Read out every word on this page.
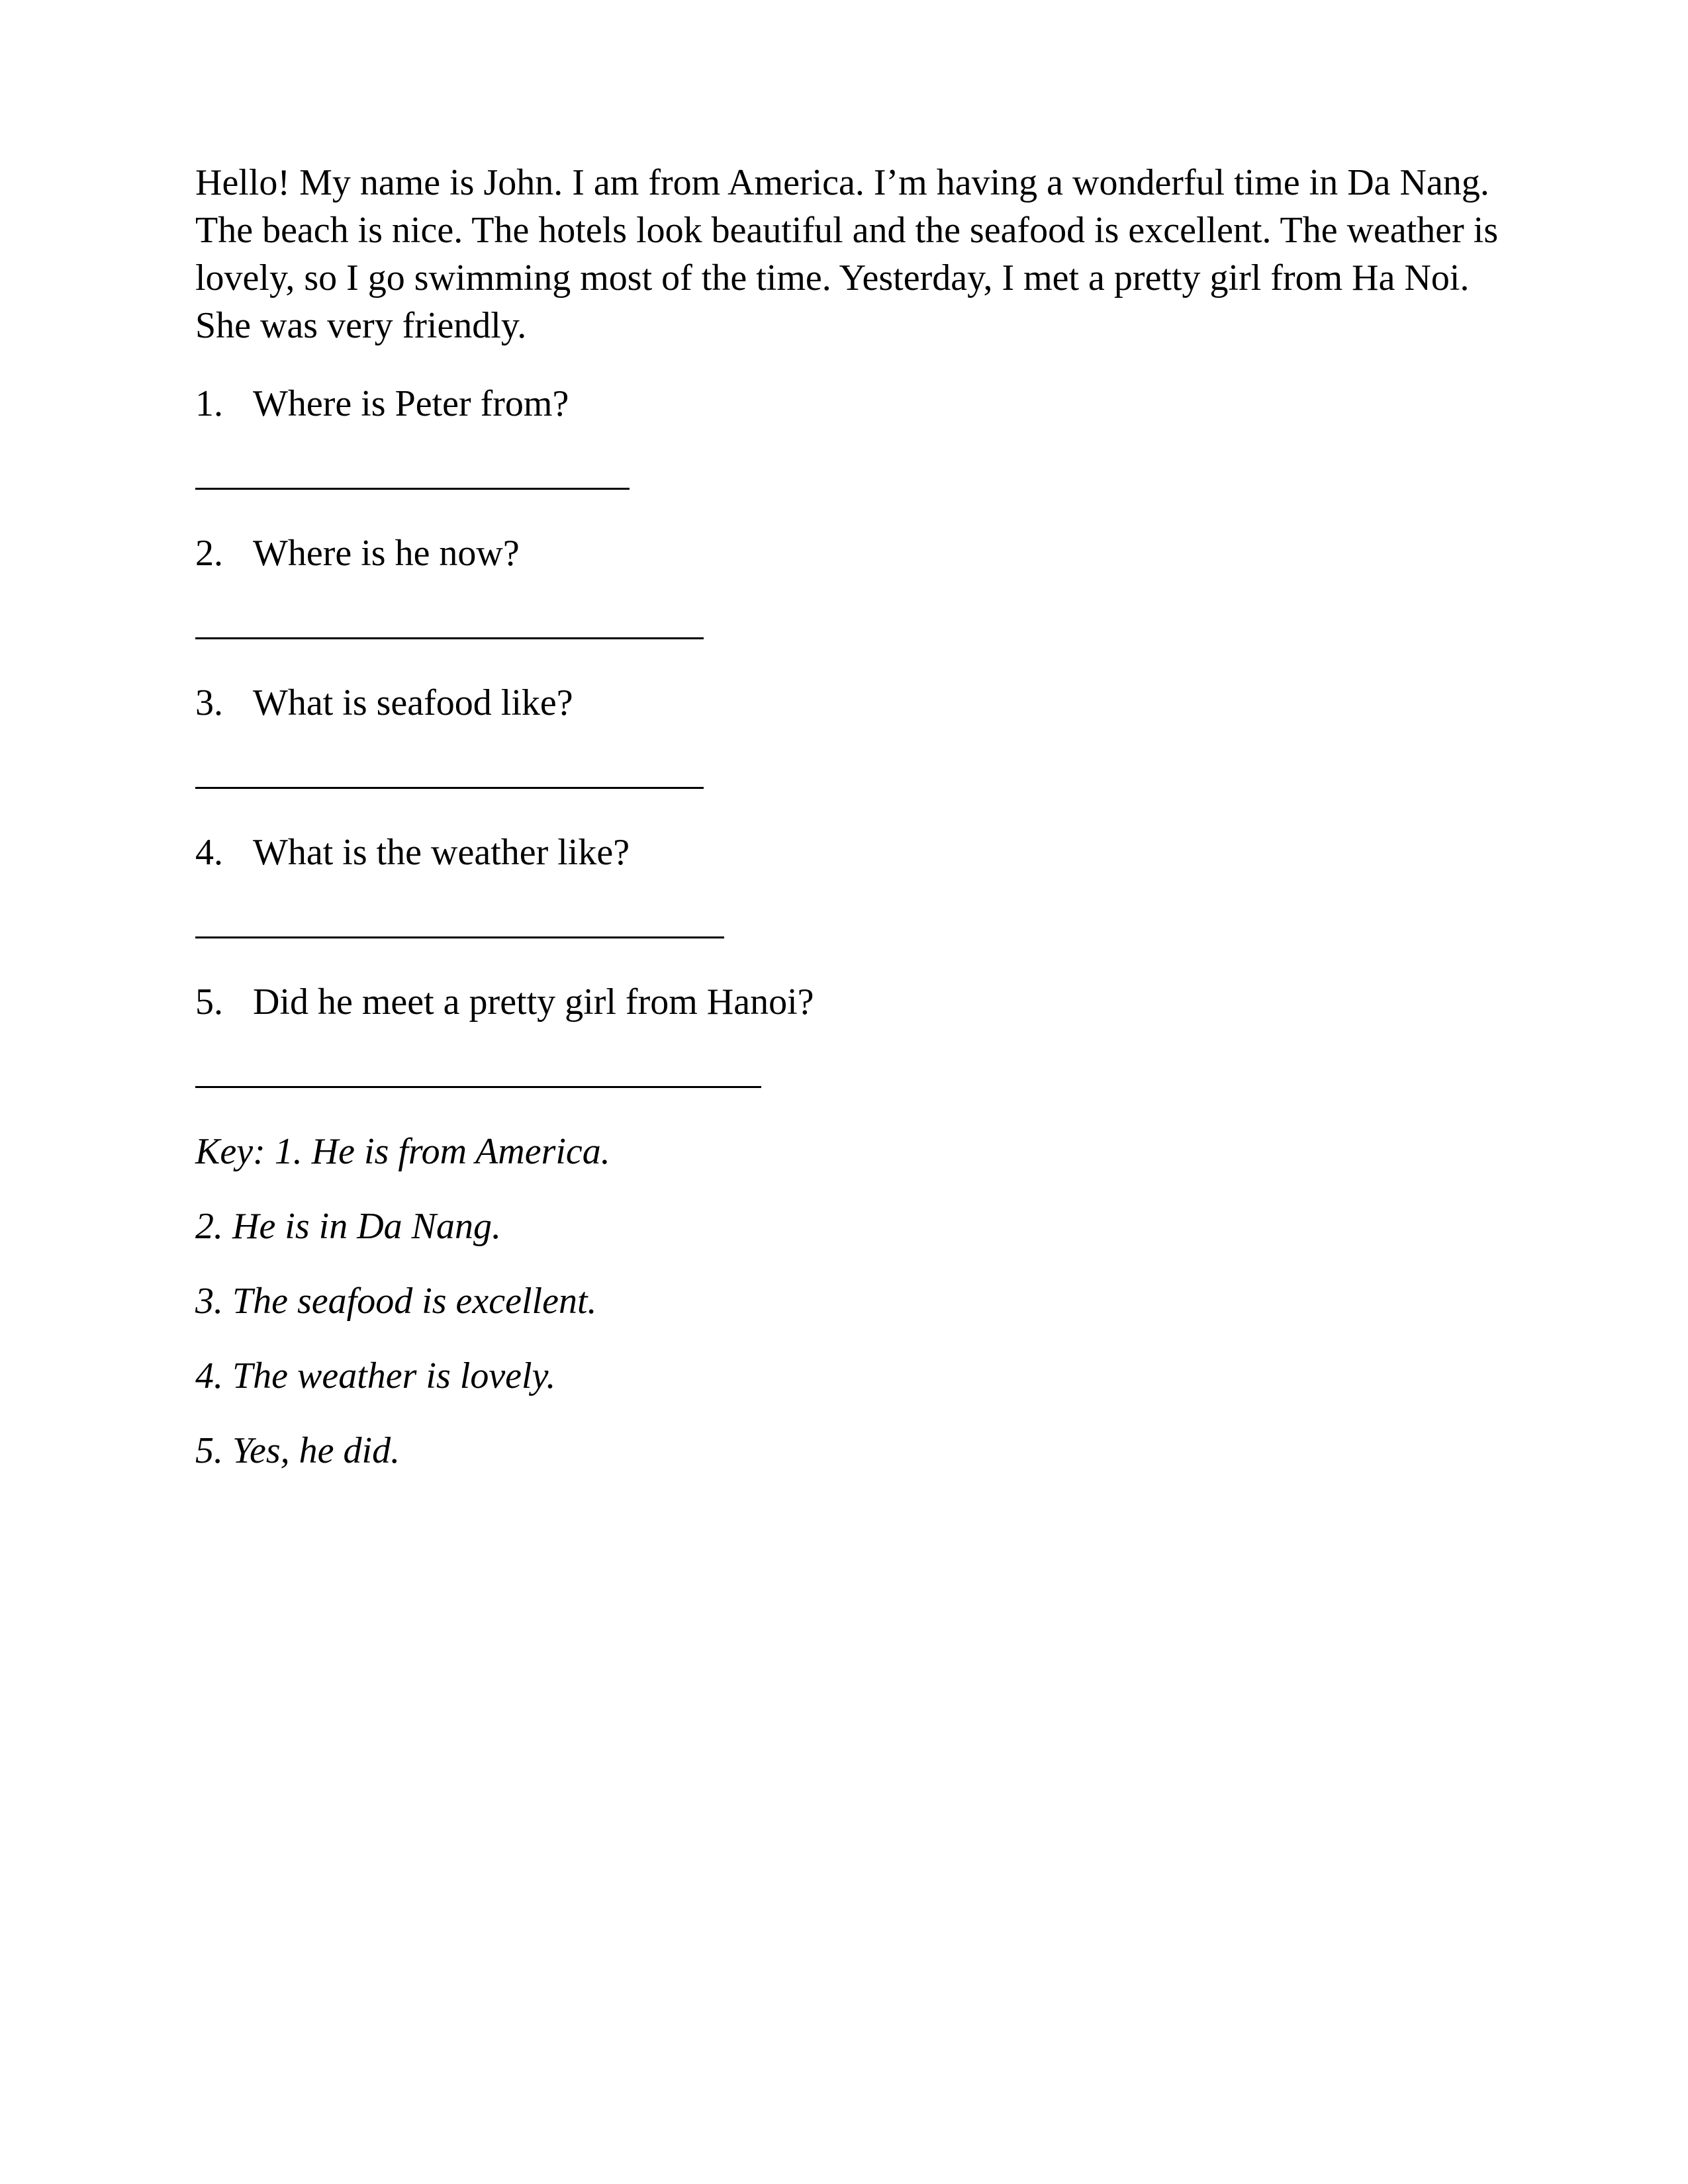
Hello! My name is John. I am from America. I’m having a wonderful time in Da Nang. The beach is nice. The hotels look beautiful and the seafood is excellent. The weather is lovely, so I go swimming most of the time. Yesterday, I met a pretty girl from Ha Noi. She was very friendly.

1. Where is Peter from?
2. Where is he now?
3. What is seafood like?
4. What is the weather like?
5. Did he meet a pretty girl from Hanoi?

Key: 1. He is from America.

2. He is in Da Nang.

3. The seafood is excellent.

4. The weather is lovely.

5. Yes, he did.
